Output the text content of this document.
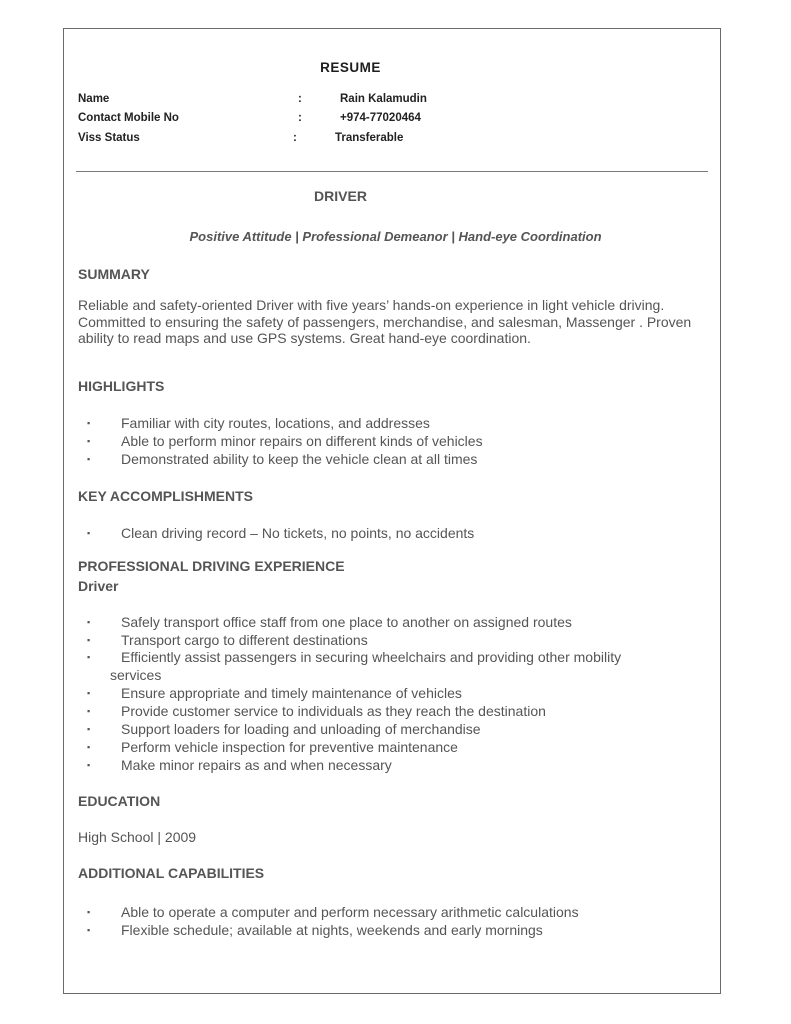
RESUME
Name	:	Rain Kalamudin
Contact Mobile No	:	+974-77020464
Viss Status	:	Transferable
DRIVER
Positive Attitude | Professional Demeanor | Hand-eye Coordination
SUMMARY
Reliable and safety-oriented Driver with five years’ hands-on experience in light vehicle driving. Committed to ensuring the safety of passengers, merchandise, and salesman, Massenger . Proven ability to read maps and use GPS systems. Great hand-eye coordination.
HIGHLIGHTS
▪ Familiar with city routes, locations, and addresses
▪ Able to perform minor repairs on different kinds of vehicles
▪ Demonstrated ability to keep the vehicle clean at all times
KEY ACCOMPLISHMENTS
▪ Clean driving record – No tickets, no points, no accidents
PROFESSIONAL DRIVING EXPERIENCE
Driver
▪ Safely transport office staff from one place to another on assigned routes
▪ Transport cargo to different destinations
▪ Efficiently assist passengers in securing wheelchairs and providing other mobility
services
▪ Ensure appropriate and timely maintenance of vehicles
▪ Provide customer service to individuals as they reach the destination
▪ Support loaders for loading and unloading of merchandise
▪ Perform vehicle inspection for preventive maintenance
▪ Make minor repairs as and when necessary
EDUCATION
High School | 2009
ADDITIONAL CAPABILITIES
▪ Able to operate a computer and perform necessary arithmetic calculations
▪ Flexible schedule; available at nights, weekends and early mornings
